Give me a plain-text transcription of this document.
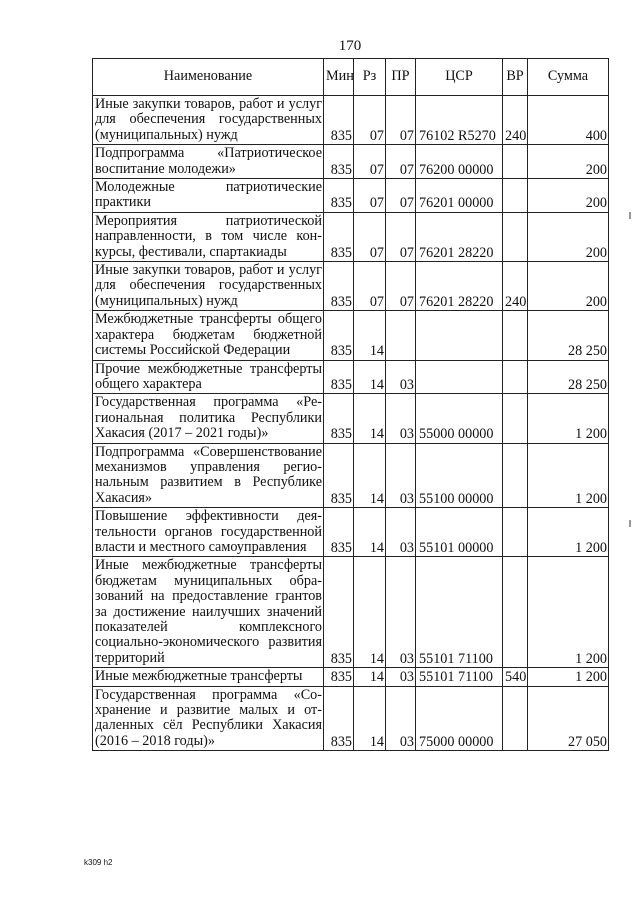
170
Наименование	Мин	Рз	ПР	ЦСР	ВР	Сумма
Иные закупки товаров, работ и услуг для обеспечения государственных (муниципальных) нужд	835	07	07	76102 R5270	240	400
Подпрограмма «Патриотическое воспитание молодежи»	835	07	07	76200 00000		200
Молодежные патриотические практики	835	07	07	76201 00000		200
Мероприятия патриотической направленности, в том числе конкурсы, фестивали, спартакиады	835	07	07	76201 28220		200
Иные закупки товаров, работ и услуг для обеспечения государственных (муниципальных) нужд	835	07	07	76201 28220	240	200
Межбюджетные трансферты общего характера бюджетам бюджетной системы Российской Федерации	835	14				28 250
Прочие межбюджетные трансферты общего характера	835	14	03			28 250
Государственная программа «Региональная политика Республики Хакасия (2017 – 2021 годы)»	835	14	03	55000 00000		1 200
Подпрограмма «Совершенствование механизмов управления региональным развитием в Республике Хакасия»	835	14	03	55100 00000		1 200
Повышение эффективности деятельности органов государственной власти и местного самоуправления	835	14	03	55101 00000		1 200
Иные межбюджетные трансферты бюджетам муниципальных образований на предоставление грантов за достижение наилучших значений показателей комплексного социально-экономического развития территорий	835	14	03	55101 71100		1 200
Иные межбюджетные трансферты	835	14	03	55101 71100	540	1 200
Государственная программа «Сохранение и развитие малых и отдаленных сёл Республики Хакасия (2016 – 2018 годы)»	835	14	03	75000 00000		27 050
k309 h2
